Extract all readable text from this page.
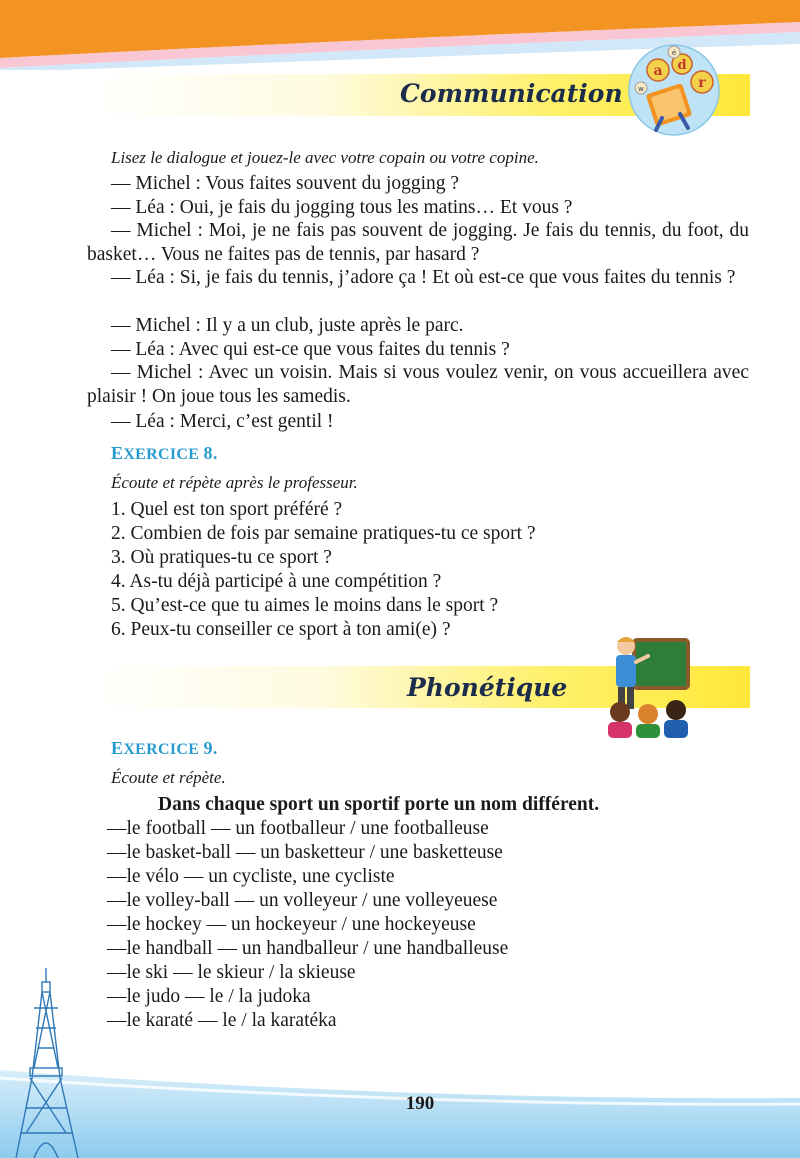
Communication
a d
r
é
w
Lisez le dialogue et jouez-le avec votre copain ou votre copine.
— Michel : Vous faites souvent du jogging ?
— Léa : Oui, je fais du jogging tous les matins… Et vous ?
— Michel : Moi, je ne fais pas souvent de jogging. Je fais du tennis, du foot, du basket… Vous ne faites pas de tennis, par hasard ?
— Léa : Si, je fais du tennis, j’adore ça ! Et où est-ce que vous faites du tennis ?
— Michel : Il y a un club, juste après le parc.
— Léa : Avec qui est-ce que vous faites du tennis ?
— Michel : Avec un voisin. Mais si vous voulez venir, on vous accueillera avec plaisir ! On joue tous les samedis.
— Léa : Merci, c’est gentil !
EXERCICE 8.
Écoute et répète après le professeur.
1. Quel est ton sport préféré ?
2. Combien de fois par semaine pratiques-tu ce sport ?
3. Où pratiques-tu ce sport ?
4. As-tu déjà participé à une compétition ?
5. Qu’est-ce que tu aimes le moins dans le sport ?
6. Peux-tu conseiller ce sport à ton ami(e) ?
Phonétique
EXERCICE 9.
Écoute et répète.
Dans chaque sport un sportif porte un nom différent.
—le football — un footballeur / une footballeuse
—le basket-ball — un basketteur / une basketteuse
—le vélo — un cycliste, une cycliste
—le volley-ball — un volleyeur / une volleyeuese
—le hockey — un hockeyeur / une hockeyeuse
—le handball — un handballeur / une handballeuse
—le ski — le skieur / la skieuse
—le judo — le / la judoka
—le karaté — le / la karatéka
190
